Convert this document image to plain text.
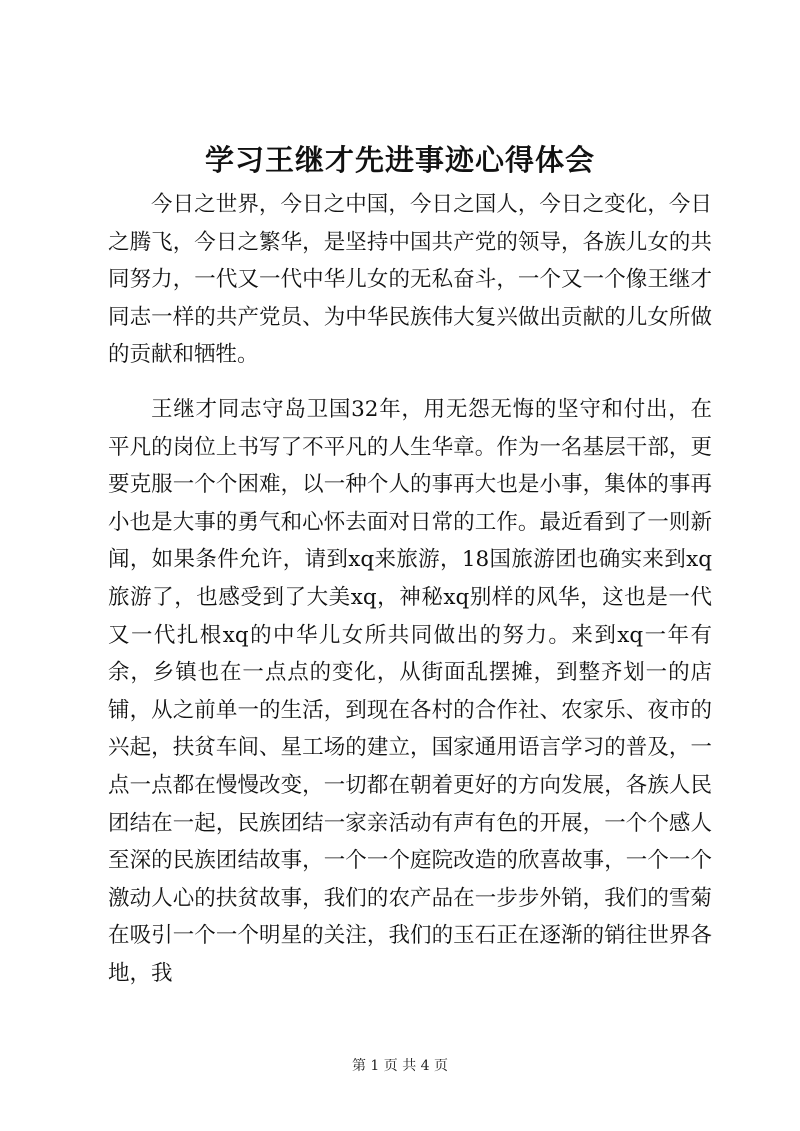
学习王继才先进事迹心得体会

今日之世界，今日之中国，今日之国人，今日之变化，今日之腾飞，今日之繁华，是坚持中国共产党的领导，各族儿女的共同努力，一代又一代中华儿女的无私奋斗，一个又一个像王继才同志一样的共产党员、为中华民族伟大复兴做出贡献的儿女所做的贡献和牺牲。

王继才同志守岛卫国32年，用无怨无悔的坚守和付出，在平凡的岗位上书写了不平凡的人生华章。作为一名基层干部，更要克服一个个困难，以一种个人的事再大也是小事，集体的事再小也是大事的勇气和心怀去面对日常的工作。最近看到了一则新闻，如果条件允许，请到xq来旅游，18国旅游团也确实来到xq旅游了，也感受到了大美xq，神秘xq别样的风华，这也是一代又一代扎根xq的中华儿女所共同做出的努力。来到xq一年有余，乡镇也在一点点的变化，从街面乱摆摊，到整齐划一的店铺，从之前单一的生活，到现在各村的合作社、农家乐、夜市的兴起，扶贫车间、星工场的建立，国家通用语言学习的普及，一点一点都在慢慢改变，一切都在朝着更好的方向发展，各族人民团结在一起，民族团结一家亲活动有声有色的开展，一个个感人至深的民族团结故事，一个一个庭院改造的欣喜故事，一个一个激动人心的扶贫故事，我们的农产品在一步步外销，我们的雪菊在吸引一个一个明星的关注，我们的玉石正在逐渐的销往世界各地，我

第 1 页 共 4 页
